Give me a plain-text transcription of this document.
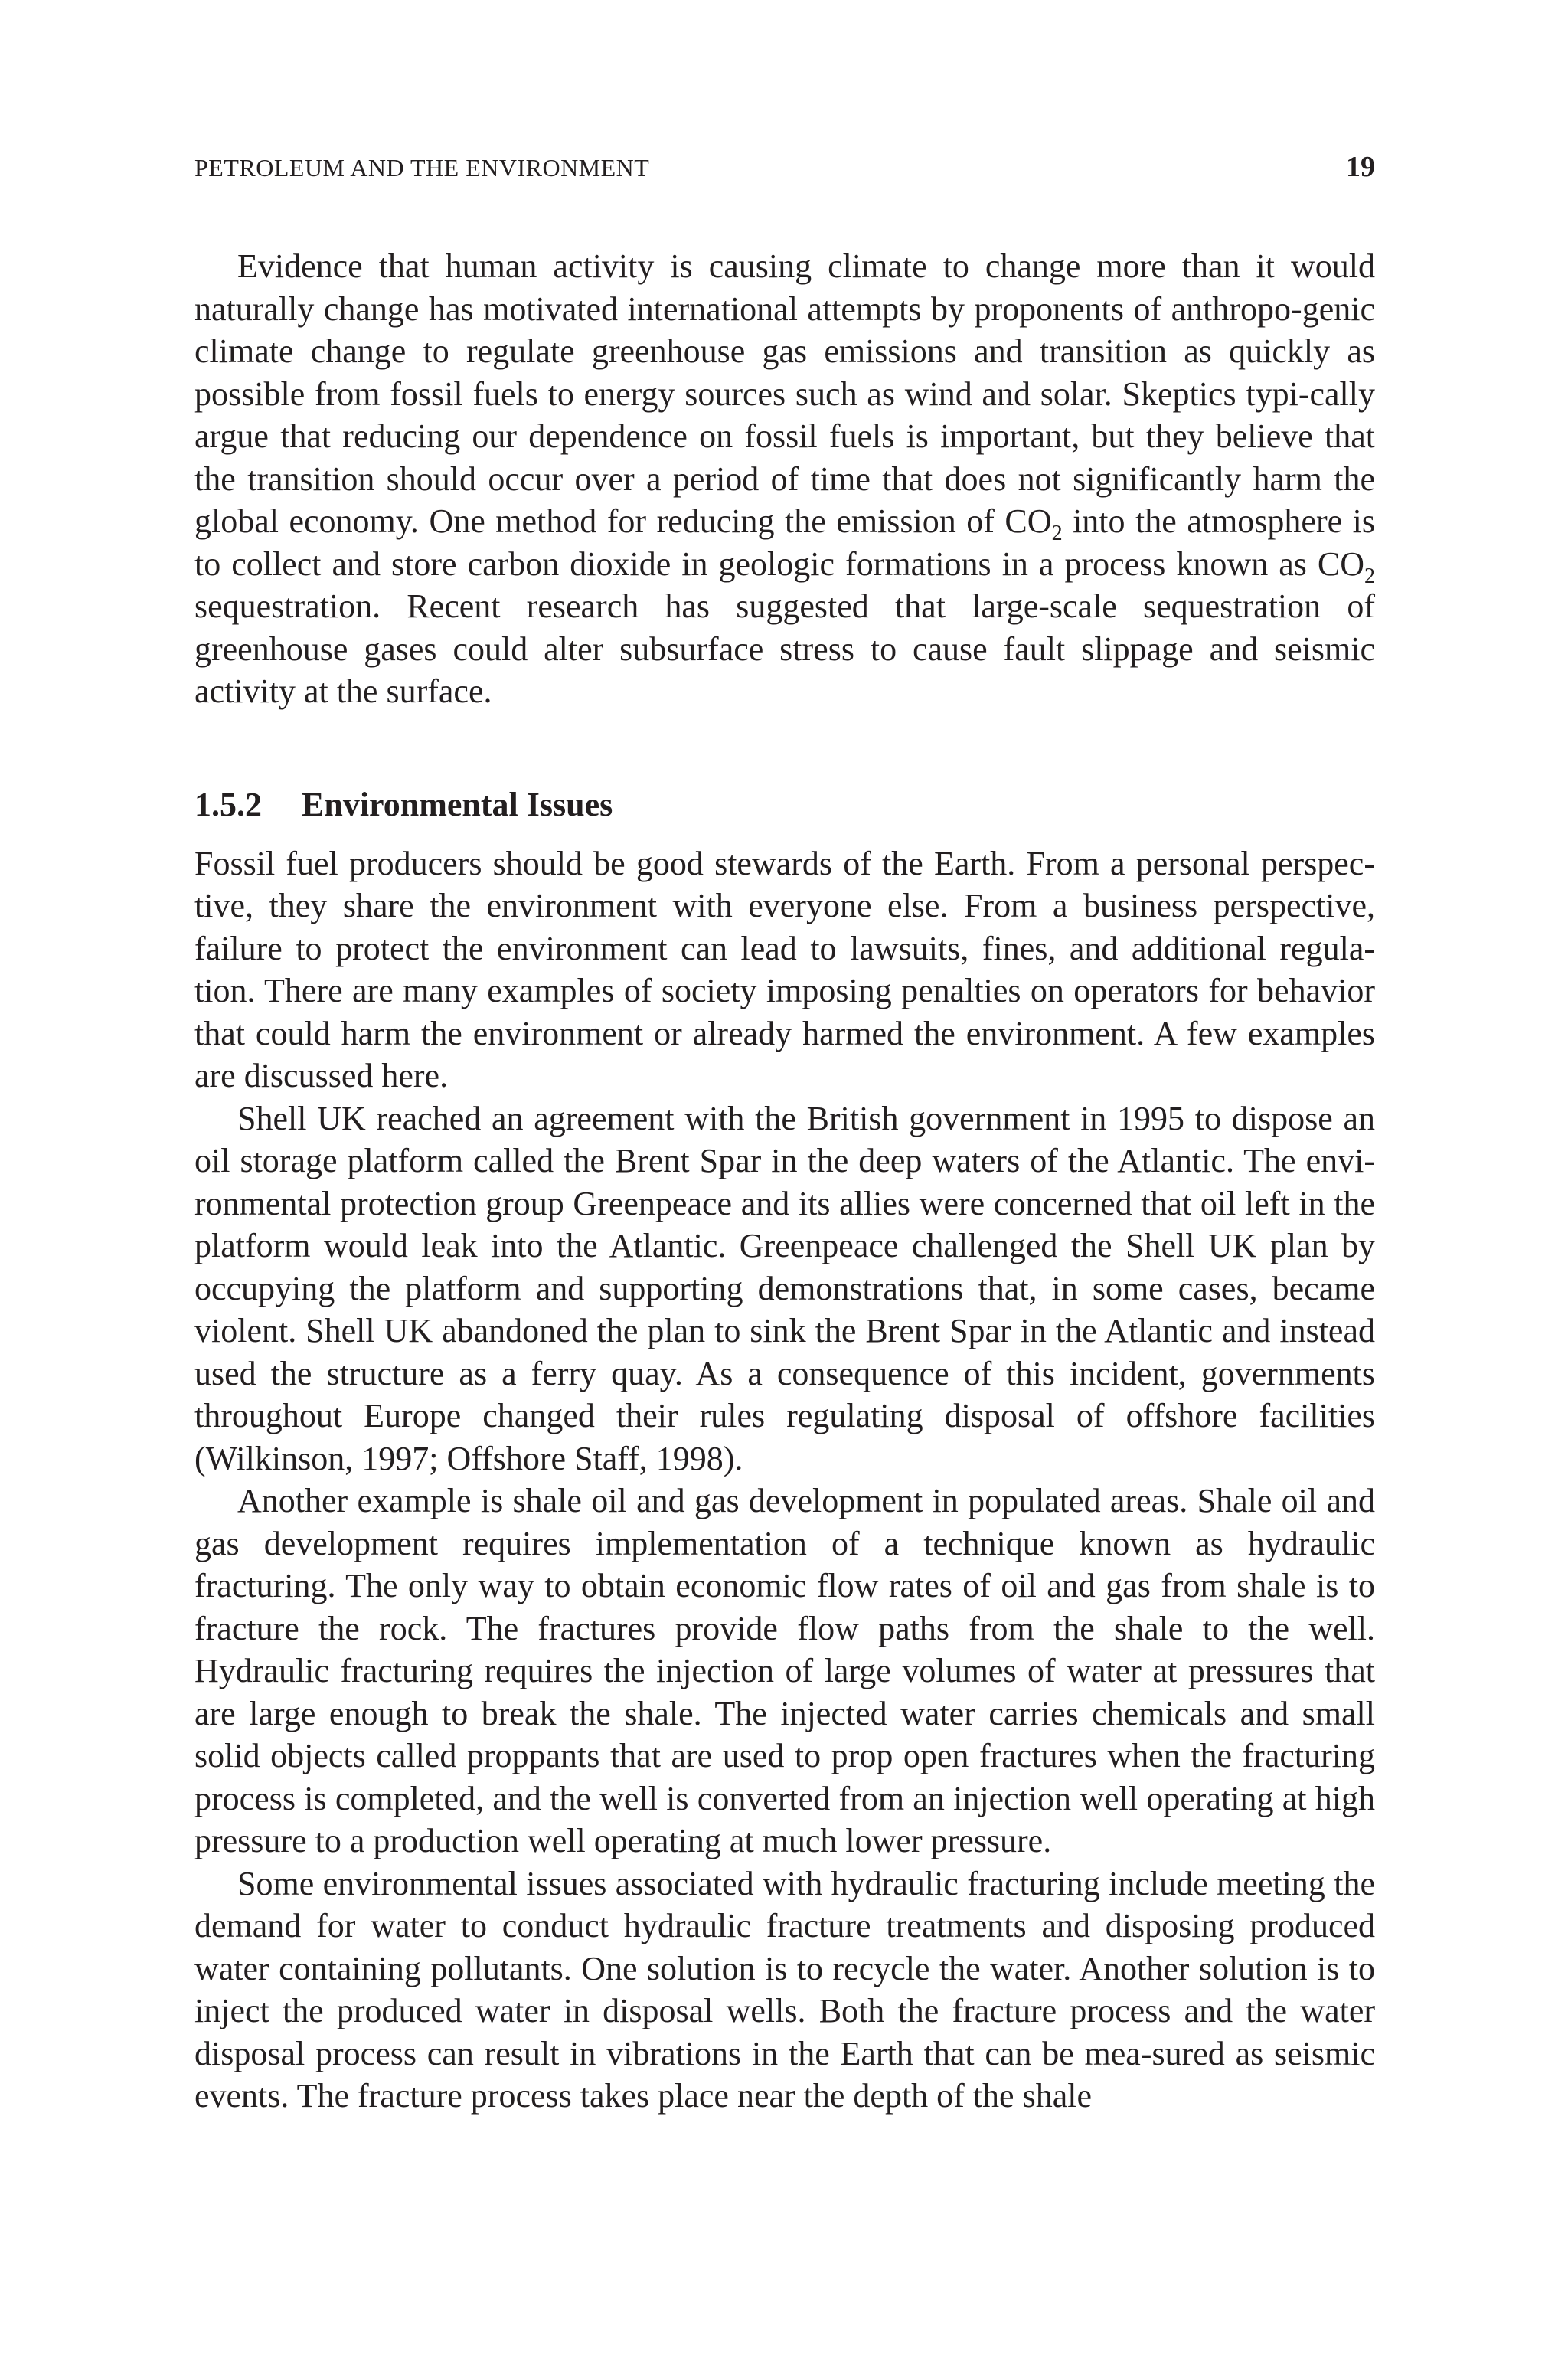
PETROLEUM AND THE ENVIRONMENT	19

Evidence that human activity is causing climate to change more than it would naturally change has motivated international attempts by proponents of anthropo-genic climate change to regulate greenhouse gas emissions and transition as quickly as possible from fossil fuels to energy sources such as wind and solar. Skeptics typi-cally argue that reducing our dependence on fossil fuels is important, but they believe that the transition should occur over a period of time that does not significantly harm the global economy. One method for reducing the emission of $CO_2$ into the atmosphere is to collect and store carbon dioxide in geologic formations in a process known as $CO_2$ sequestration. Recent research has suggested that large-scale sequestration of greenhouse gases could alter subsurface stress to cause fault slippage and seismic activity at the surface.

1.5.2 Environmental Issues

Fossil fuel producers should be good stewards of the Earth. From a personal perspec-tive, they share the environment with everyone else. From a business perspective, failure to protect the environment can lead to lawsuits, fines, and additional regula-tion. There are many examples of society imposing penalties on operators for behavior that could harm the environment or already harmed the environment. A few examples are discussed here.

Shell UK reached an agreement with the British government in 1995 to dispose an oil storage platform called the Brent Spar in the deep waters of the Atlantic. The envi-ronmental protection group Greenpeace and its allies were concerned that oil left in the platform would leak into the Atlantic. Greenpeace challenged the Shell UK plan by occupying the platform and supporting demonstrations that, in some cases, became violent. Shell UK abandoned the plan to sink the Brent Spar in the Atlantic and instead used the structure as a ferry quay. As a consequence of this incident, governments throughout Europe changed their rules regulating disposal of offshore facilities (Wilkinson, 1997; Offshore Staff, 1998).

Another example is shale oil and gas development in populated areas. Shale oil and gas development requires implementation of a technique known as hydraulic fracturing. The only way to obtain economic flow rates of oil and gas from shale is to fracture the rock. The fractures provide flow paths from the shale to the well. Hydraulic fracturing requires the injection of large volumes of water at pressures that are large enough to break the shale. The injected water carries chemicals and small solid objects called proppants that are used to prop open fractures when the fracturing process is completed, and the well is converted from an injection well operating at high pressure to a production well operating at much lower pressure.

Some environmental issues associated with hydraulic fracturing include meeting the demand for water to conduct hydraulic fracture treatments and disposing produced water containing pollutants. One solution is to recycle the water. Another solution is to inject the produced water in disposal wells. Both the fracture process and the water disposal process can result in vibrations in the Earth that can be mea-sured as seismic events. The fracture process takes place near the depth of the shale
